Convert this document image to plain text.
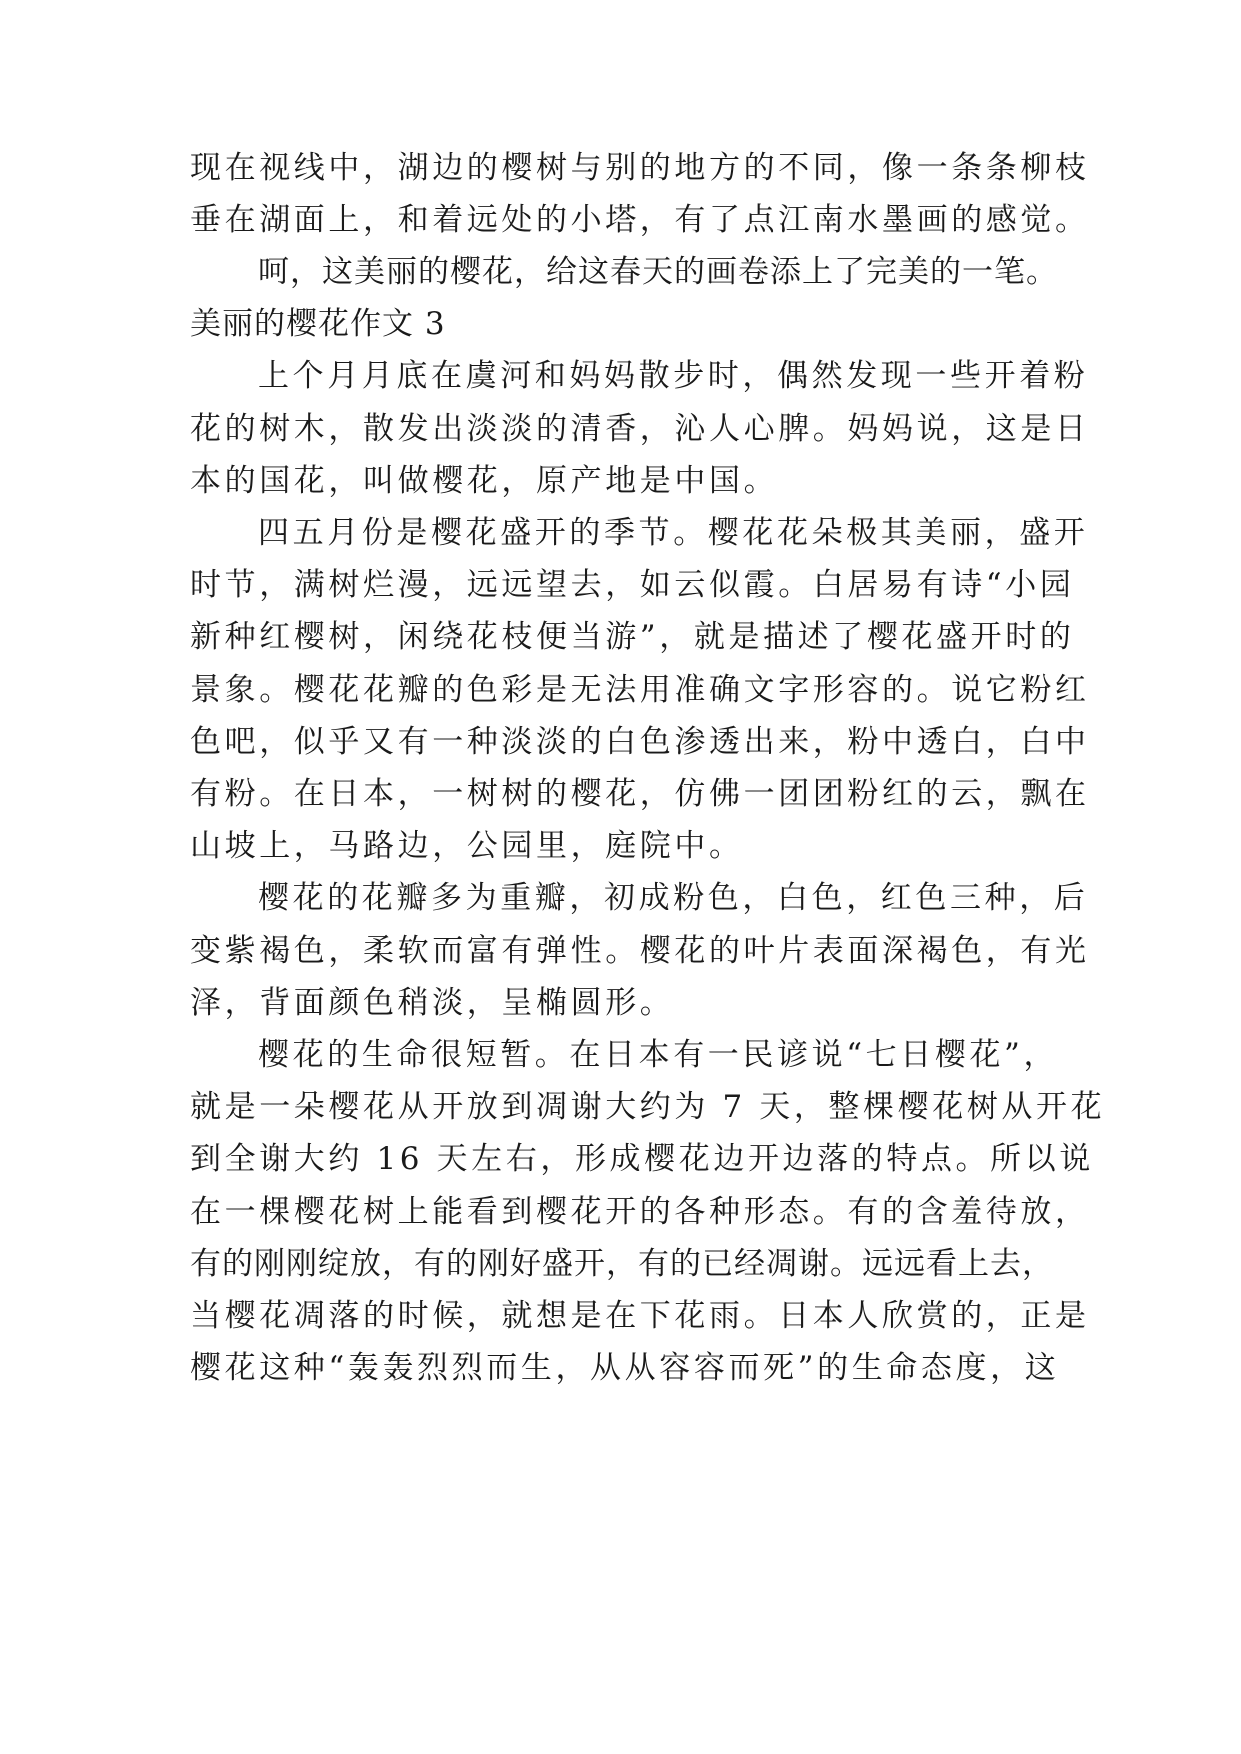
现在视线中，湖边的樱树与别的地方的不同，像一条条柳枝
垂在湖面上，和着远处的小塔，有了点江南水墨画的感觉。
呵，这美丽的樱花，给这春天的画卷添上了完美的一笔。
美丽的樱花作文 3
上个月月底在虞河和妈妈散步时，偶然发现一些开着粉
花的树木，散发出淡淡的清香，沁人心脾。妈妈说，这是日
本的国花，叫做樱花，原产地是中国。
四五月份是樱花盛开的季节。樱花花朵极其美丽，盛开
时节，满树烂漫，远远望去，如云似霞。白居易有诗“小园
新种红樱树，闲绕花枝便当游”，就是描述了樱花盛开时的
景象。樱花花瓣的色彩是无法用准确文字形容的。说它粉红
色吧，似乎又有一种淡淡的白色渗透出来，粉中透白，白中
有粉。在日本，一树树的樱花，仿佛一团团粉红的云，飘在
山坡上，马路边，公园里，庭院中。
樱花的花瓣多为重瓣，初成粉色，白色，红色三种，后
变紫褐色，柔软而富有弹性。樱花的叶片表面深褐色，有光
泽，背面颜色稍淡，呈椭圆形。
樱花的生命很短暂。在日本有一民谚说“七日樱花”，
就是一朵樱花从开放到凋谢大约为 7 天，整棵樱花树从开花
到全谢大约 16 天左右，形成樱花边开边落的特点。所以说
在一棵樱花树上能看到樱花开的各种形态。有的含羞待放，
有的刚刚绽放，有的刚好盛开，有的已经凋谢。远远看上去，
当樱花凋落的时候，就想是在下花雨。日本人欣赏的，正是
樱花这种“轰轰烈烈而生，从从容容而死”的生命态度，这
